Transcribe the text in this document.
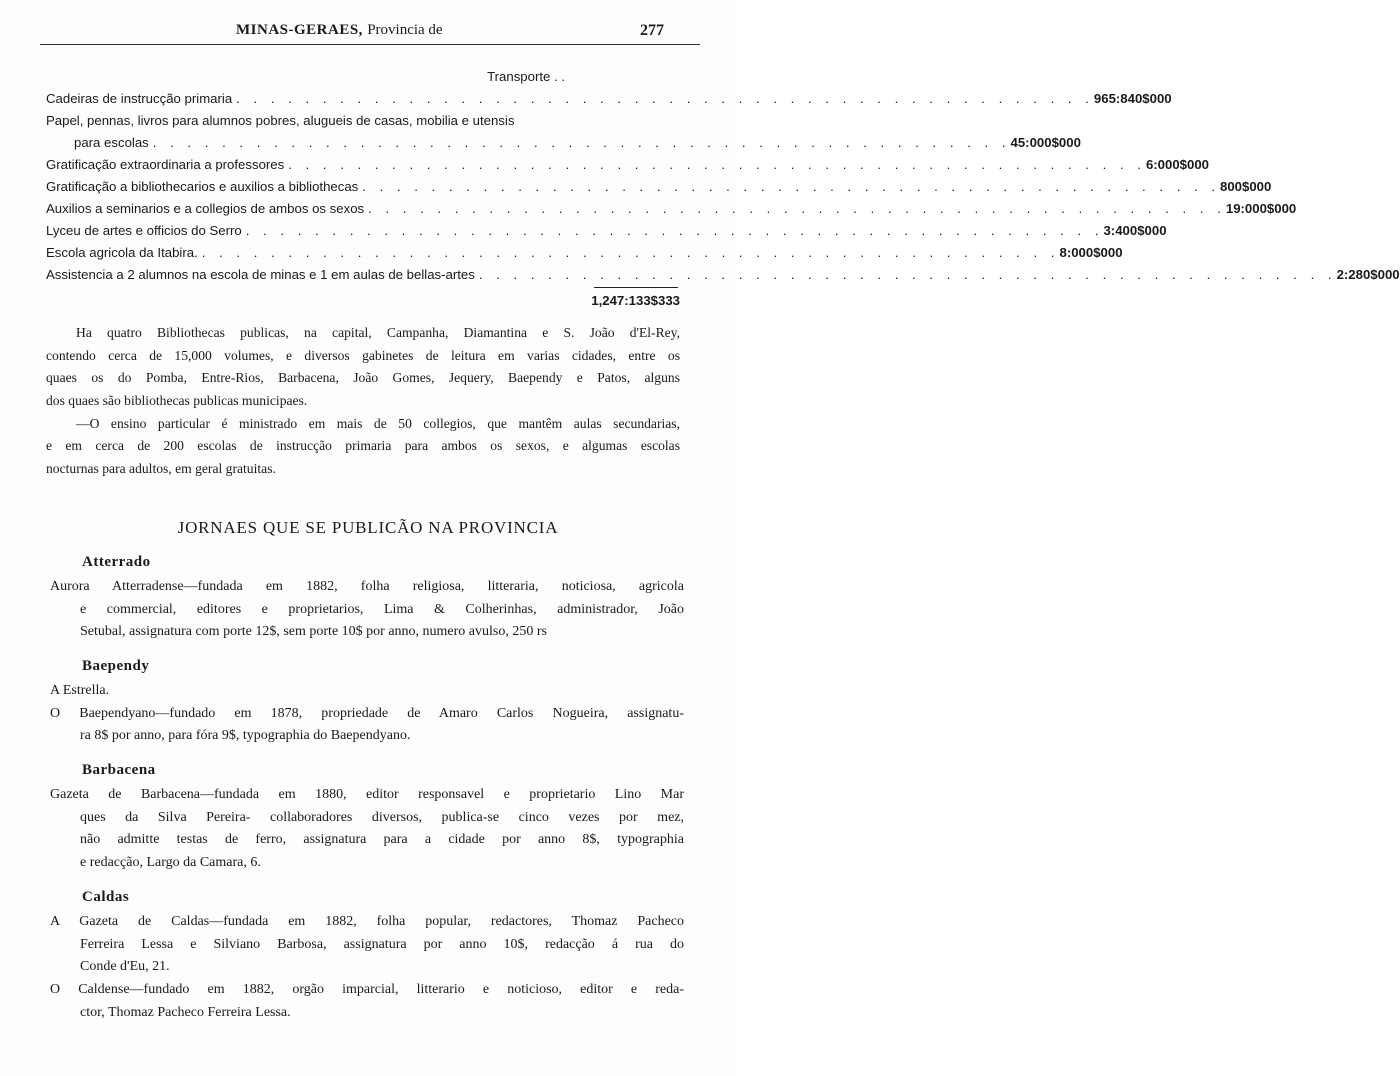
MINAS-GERAES, Provincia de	277
Transporte . .
Cadeiras de instrucção primaria . . . . . . . . . . . . . . . . . . . . . . . . . . . . . . . . . . . . . . . . . . . . . . . . . . 965:840$000
Papel, pennas, livros para alumnos pobres, alugueis de casas, mobilia e utensis
para escolas . . . . . . . . . . . . . . . . . . . . . . . . . . . . . . . . . . . . . . . . . . . . . . . . . . 45:000$000
Gratificação extraordinaria a professores . . . . . . . . . . . . . . . . . . . . . . . . . . . . . . . . . . . . . . . . . . . . . . . . . . 6:000$000
Gratificação a bibliothecarios e auxilios a bibliothecas . . . . . . . . . . . . . . . . . . . . . . . . . . . . . . . . . . . . . . . . . . . . . . . . . . 800$000
Auxilios a seminarios e a collegios de ambos os sexos . . . . . . . . . . . . . . . . . . . . . . . . . . . . . . . . . . . . . . . . . . . . . . . . . . 19:000$000
Lyceu de artes e officios do Serro . . . . . . . . . . . . . . . . . . . . . . . . . . . . . . . . . . . . . . . . . . . . . . . . . . 3:400$000
Escola agricola da Itabira. . . . . . . . . . . . . . . . . . . . . . . . . . . . . . . . . . . . . . . . . . . . . . . . . . . 8:000$000
Assistencia a 2 alumnos na escola de minas e 1 em aulas de bellas-artes . . . . . . . . . . . . . . . . . . . . . . . . . . . . . . . . . . . . . . . . . . . . . . . . . . 2:280$000
1,247:133$333
Ha quatro Bibliothecas publicas, na capital, Campanha, Diamantina e S. João d'El-Rey,
contendo cerca de 15,000 volumes, e diversos gabinetes de leitura em varias cidades, entre os
quaes os do Pomba, Entre-Rios, Barbacena, João Gomes, Jequery, Baependy e Patos, alguns
dos quaes são bibliothecas publicas municipaes.
—O ensino particular é ministrado em mais de 50 collegios, que mantêm aulas secundarias,
e em cerca de 200 escolas de instrucção primaria para ambos os sexos, e algumas escolas
nocturnas para adultos, em geral gratuitas.
JORNAES QUE SE PUBLICÃO NA PROVINCIA
Atterrado
Aurora Atterradense—fundada em 1882, folha religiosa, litteraria, noticiosa, agricola
e commercial, editores e proprietarios, Lima & Colherinhas, administrador, João
Setubal, assignatura com porte 12$, sem porte 10$ por anno, numero avulso, 250 rs
Baependy
A Estrella.
O Baependyano—fundado em 1878, propriedade de Amaro Carlos Nogueira, assignatu-
ra 8$ por anno, para fóra 9$, typographia do Baependyano.
Barbacena
Gazeta de Barbacena—fundada em 1880, editor responsavel e proprietario Lino Mar
ques da Silva Pereira- collaboradores diversos, publica-se cinco vezes por mez,
não admitte testas de ferro, assignatura para a cidade por anno 8$, typographia
e redacção, Largo da Camara, 6.
Caldas
A Gazeta de Caldas—fundada em 1882, folha popular, redactores, Thomaz Pacheco
Ferreira Lessa e Silviano Barbosa, assignatura por anno 10$, redacção á rua do
Conde d'Eu, 21.
O Caldense—fundado em 1882, orgão imparcial, litterario e noticioso, editor e reda-
ctor, Thomaz Pacheco Ferreira Lessa.
